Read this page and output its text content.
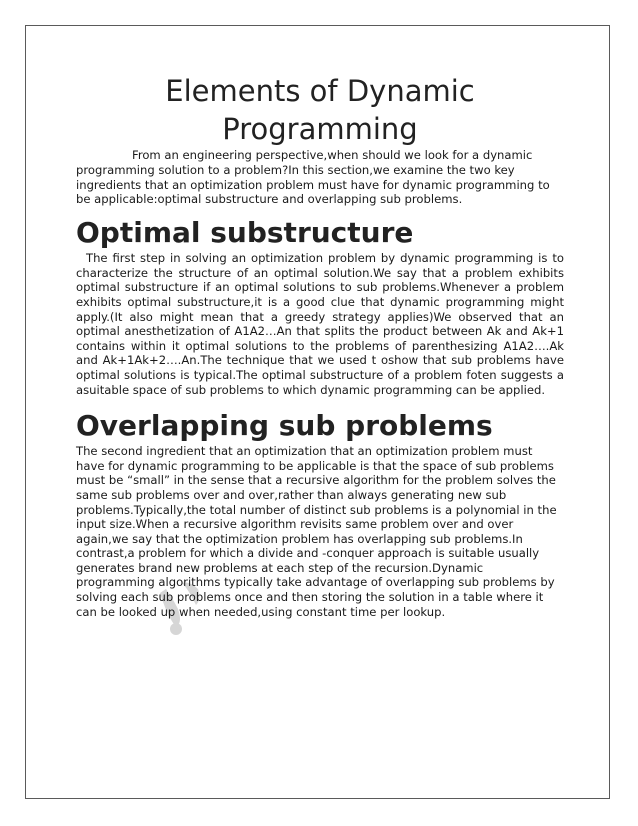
Elements of Dynamic Programming

From an engineering perspective,when should we look for a dynamic programming solution to a problem?In this section,we examine the two key ingredients that an optimization problem must have for dynamic programming to be applicable:optimal substructure and overlapping sub problems.

Optimal substructure

The first step in solving an optimization problem by dynamic programming is to characterize the structure of an optimal solution.We say that a problem exhibits optimal substructure if an optimal solutions to sub problems.Whenever a problem exhibits optimal substructure,it is a good clue that dynamic programming might apply.(It also might mean that a greedy strategy applies)We observed that an optimal anesthetization of A1A2…An that splits the product between Ak and Ak+1 contains within it optimal solutions to the problems of parenthesizing A1A2….Ak and Ak+1Ak+2….An.The technique that we used t oshow that sub problems have optimal solutions is typical.The optimal substructure of a problem foten suggests a asuitable space of sub problems to which dynamic programming can be applied.

Overlapping sub problems

The second ingredient that an optimization that an optimization problem must have for dynamic programming to be applicable is that the space of sub problems must be “small” in the sense that a recursive algorithm for the problem solves the same sub problems over and over,rather than always generating new sub problems.Typically,the total number of distinct sub problems is a polynomial in the input size.When a recursive algorithm revisits same problem over and over again,we say that the optimization problem has overlapping sub problems.In contrast,a problem for which a divide and -conquer approach is suitable usually generates brand new problems at each step of the recursion.Dynamic programming algorithms typically take advantage of overlapping sub problems by solving each sub problems once and then storing the solution in a table where it can be looked up when needed,using constant time per lookup.
